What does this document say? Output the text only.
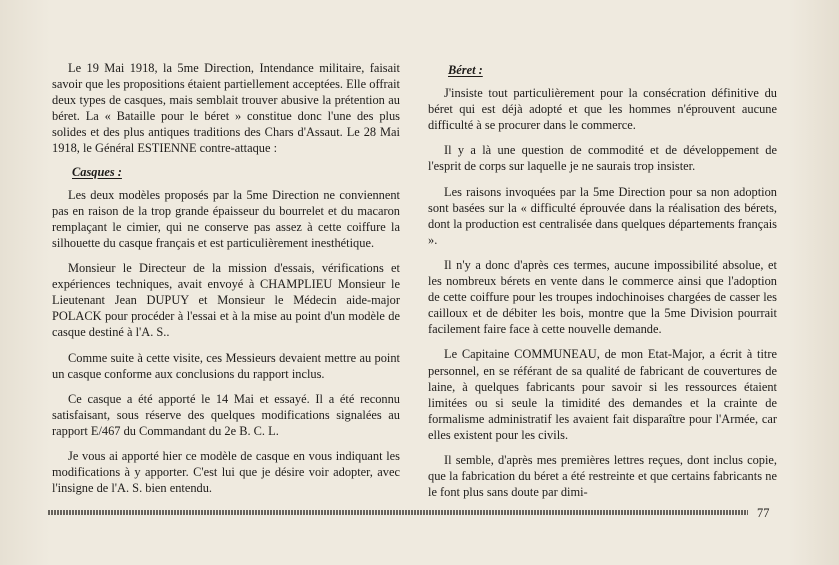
Le 19 Mai 1918, la 5me Direction, Intendance militaire, faisait savoir que les propositions étaient partiellement acceptées. Elle offrait deux types de casques, mais semblait trouver abusive la prétention au béret. La « Bataille pour le béret » constitue donc l'une des plus solides et des plus antiques traditions des Chars d'Assaut. Le 28 Mai 1918, le Général ESTIENNE contre-attaque :

Casques :

Les deux modèles proposés par la 5me Direction ne conviennent pas en raison de la trop grande épaisseur du bourrelet et du macaron remplaçant le cimier, qui ne conserve pas assez à cette coiffure la silhouette du casque français et est particulièrement inesthétique.

Monsieur le Directeur de la mission d'essais, vérifications et expériences techniques, avait envoyé à CHAMPLIEU Monsieur le Lieutenant Jean DUPUY et Monsieur le Médecin aide-major POLACK pour procéder à l'essai et à la mise au point d'un modèle de casque destiné à l'A. S..

Comme suite à cette visite, ces Messieurs devaient mettre au point un casque conforme aux conclusions du rapport inclus.

Ce casque a été apporté le 14 Mai et essayé. Il a été reconnu satisfaisant, sous réserve des quelques modifications signalées au rapport E/467 du Commandant du 2e B. C. L.

Je vous ai apporté hier ce modèle de casque en vous indiquant les modifications à y apporter. C'est lui que je désire voir adopter, avec l'insigne de l'A. S. bien entendu.

Béret :

J'insiste tout particulièrement pour la consécration définitive du béret qui est déjà adopté et que les hommes n'éprouvent aucune difficulté à se procurer dans le commerce.

Il y a là une question de commodité et de développement de l'esprit de corps sur laquelle je ne saurais trop insister.

Les raisons invoquées par la 5me Direction pour sa non adoption sont basées sur la « difficulté éprouvée dans la réalisation des bérets, dont la production est centralisée dans quelques départements français ».

Il n'y a donc d'après ces termes, aucune impossibilité absolue, et les nombreux bérets en vente dans le commerce ainsi que l'adoption de cette coiffure pour les troupes indochinoises chargées de casser les cailloux et de débiter les bois, montre que la 5me Division pourrait facilement faire face à cette nouvelle demande.

Le Capitaine COMMUNEAU, de mon Etat-Major, a écrit à titre personnel, en se référant de sa qualité de fabricant de couvertures de laine, à quelques fabricants pour savoir si les ressources étaient limitées ou si seule la timidité des demandes et la crainte de formalisme administratif les avaient fait disparaître pour l'Armée, car elles existent pour les civils.

Il semble, d'après mes premières lettres reçues, dont inclus copie, que la fabrication du béret a été restreinte et que certains fabricants ne le font plus sans doute par dimi-

77
